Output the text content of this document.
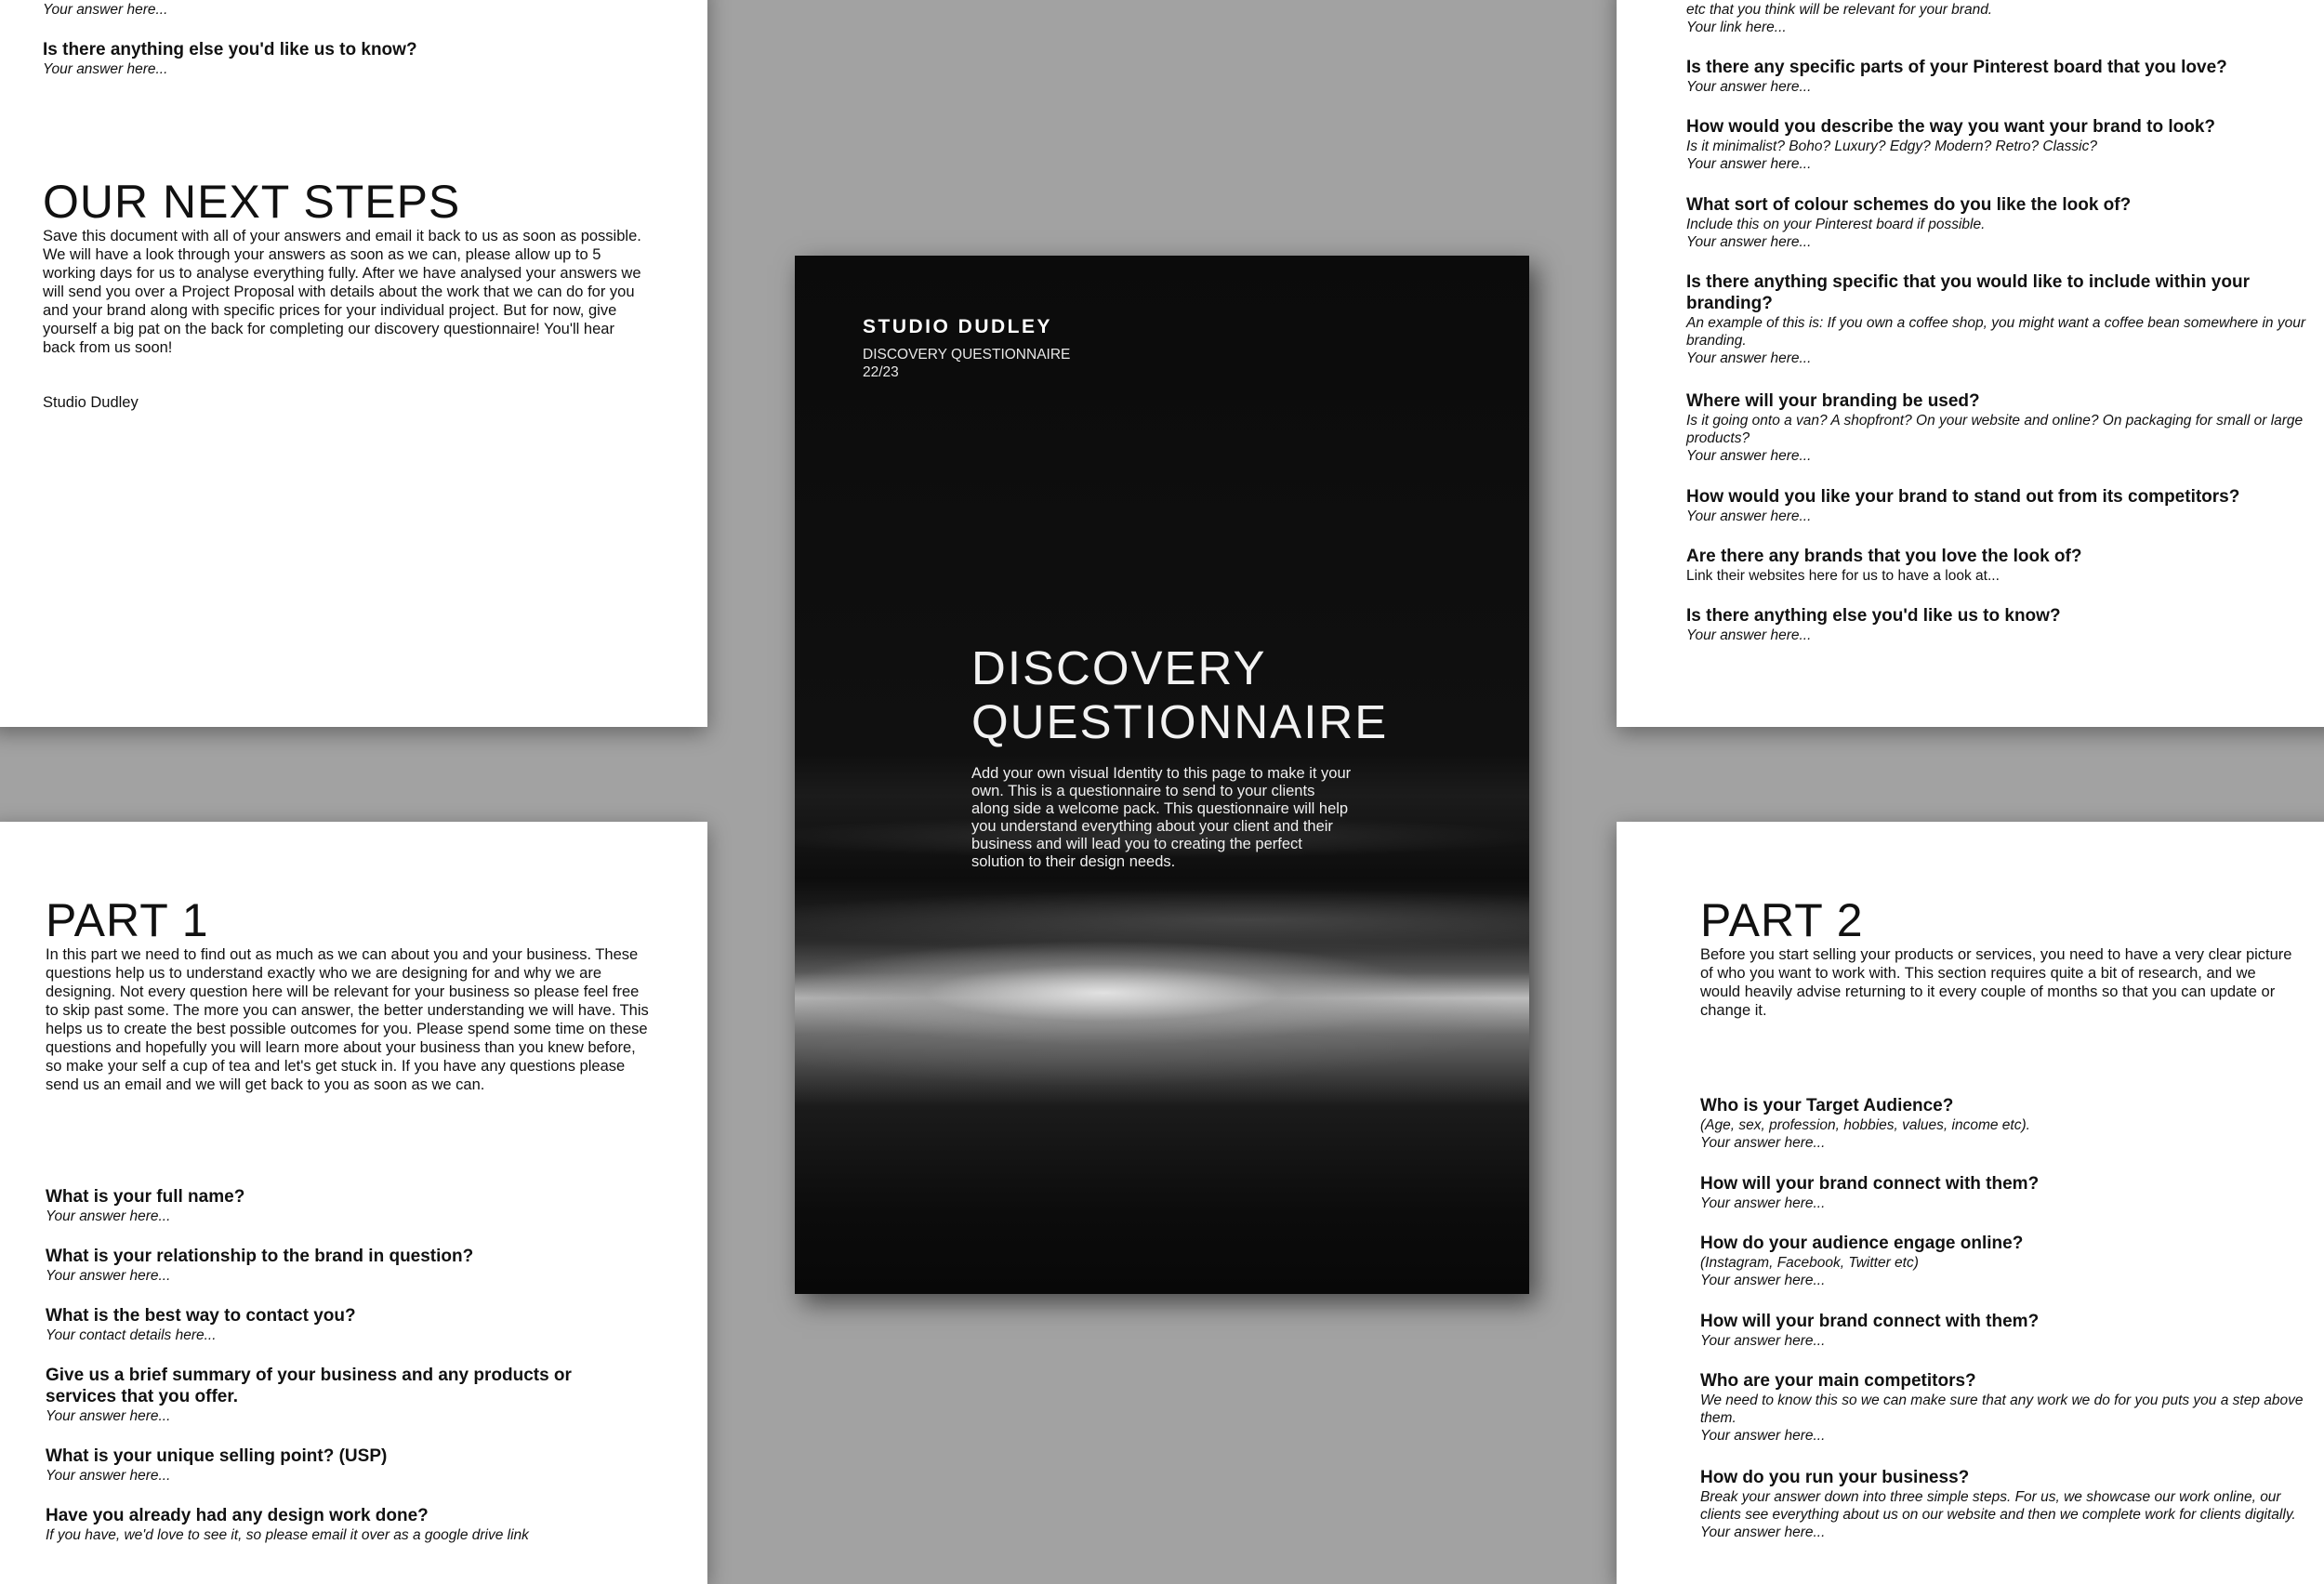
Your answer here...
Is there anything else you'd like us to know?
Your answer here...
OUR NEXT STEPS
Save this document with all of your answers and email it back to us as soon as possible. We will have a look through your answers as soon as we can, please allow up to 5 working days for us to analyse everything fully. After we have analysed your answers we will send you over a Project Proposal with details about the work that we can do for you and your brand along with specific prices for your individual project. But for now, give yourself a big pat on the back for completing our discovery questionnaire! You'll hear back from us soon!
Studio Dudley
etc that you think will be relevant for your brand.
Your link here...
Is there any specific parts of your Pinterest board that you love?
Your answer here...
How would you describe the way you want your brand to look?
Is it minimalist? Boho? Luxury? Edgy? Modern? Retro? Classic?
Your answer here...
What sort of colour schemes do you like the look of?
Include this on your Pinterest board if possible.
Your answer here...
Is there anything specific that you would like to include within your branding?
An example of this is: If you own a coffee shop, you might want a coffee bean somewhere in your branding.
Your answer here...
Where will your branding be used?
Is it going onto a van? A shopfront? On your website and online? On packaging for small or large products?
Your answer here...
How would you like your brand to stand out from its competitors?
Your answer here...
Are there any brands that you love the look of?
Link their websites here for us to have a look at...
Is there anything else you'd like us to know?
Your answer here...
PART 1
In this part we need to find out as much as we can about you and your business. These questions help us to understand exactly who we are designing for and why we are designing. Not every question here will be relevant for your business so please feel free to skip past some. The more you can answer, the better understanding we will have. This helps us to create the best possible outcomes for you. Please spend some time on these questions and hopefully you will learn more about your business than you knew before, so make your self a cup of tea and let's get stuck in. If you have any questions please send us an email and we will get back to you as soon as we can.
What is your full name?
Your answer here...
What is your relationship to the brand in question?
Your answer here...
What is the best way to contact you?
Your contact details here...
Give us a brief summary of your business and any products or services that you offer.
Your answer here...
What is your unique selling point? (USP)
Your answer here...
Have you already had any design work done?
If you have, we'd love to see it, so please email it over as a google drive link
PART 2
Before you start selling your products or services, you need to have a very clear picture of who you want to work with. This section requires quite a bit of research, and we would heavily advise returning to it every couple of months so that you can update or change it.
Who is your Target Audience?
(Age, sex, profession, hobbies, values, income etc).
Your answer here...
How will your brand connect with them?
Your answer here...
How do your audience engage online?
(Instagram, Facebook, Twitter etc)
Your answer here...
How will your brand connect with them?
Your answer here...
Who are your main competitors?
We need to know this so we can make sure that any work we do for you puts you a step above them.
Your answer here...
How do you run your business?
Break your answer down into three simple steps. For us, we showcase our work online, our clients see everything about us on our website and then we complete work for clients digitally.
Your answer here...
STUDIO DUDLEY
DISCOVERY QUESTIONNAIRE
22/23
DISCOVERY
QUESTIONNAIRE
Add your own visual Identity to this page to make it your own. This is a questionnaire to send to your clients along side a welcome pack. This questionnaire will help you understand everything about your client and their business and will lead you to creating the perfect solution to their design needs.
